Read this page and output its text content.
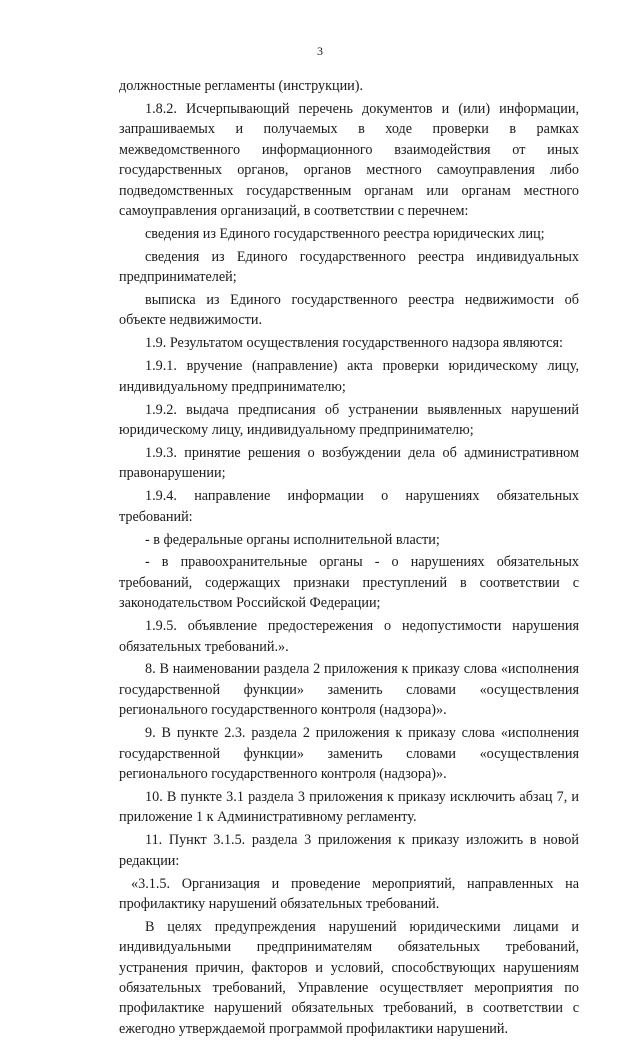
3

должностные регламенты (инструкции).

1.8.2. Исчерпывающий перечень документов и (или) информации, запрашиваемых и получаемых в ходе проверки в рамках межведомственного информационного взаимодействия от иных государственных органов, органов местного самоуправления либо подведомственных государственным органам или органам местного самоуправления организаций, в соответствии с перечнем:

сведения из Единого государственного реестра юридических лиц;

сведения из Единого государственного реестра индивидуальных предпринимателей;

выписка из Единого государственного реестра недвижимости об объекте недвижимости.

1.9. Результатом осуществления государственного надзора являются:

1.9.1. вручение (направление) акта проверки юридическому лицу, индивидуальному предпринимателю;

1.9.2. выдача предписания об устранении выявленных нарушений юридическому лицу, индивидуальному предпринимателю;

1.9.3. принятие решения о возбуждении дела об административном правонарушении;

1.9.4. направление информации о нарушениях обязательных требований:

- в федеральные органы исполнительной власти;

- в правоохранительные органы - о нарушениях обязательных требований, содержащих признаки преступлений в соответствии с законодательством Российской Федерации;

1.9.5. объявление предостережения о недопустимости нарушения обязательных требований.».

8. В наименовании раздела 2 приложения к приказу слова «исполнения государственной функции» заменить словами «осуществления регионального государственного контроля (надзора)».

9. В пункте 2.3. раздела 2 приложения к приказу слова «исполнения государственной функции» заменить словами «осуществления регионального государственного контроля (надзора)».

10. В пункте 3.1 раздела 3 приложения к приказу исключить абзац 7, и приложение 1 к Административному регламенту.

11. Пункт 3.1.5. раздела 3 приложения к приказу изложить в новой редакции:

«3.1.5. Организация и проведение мероприятий, направленных на профилактику нарушений обязательных требований.

В целях предупреждения нарушений юридическими лицами и индивидуальными предпринимателям обязательных требований, устранения причин, факторов и условий, способствующих нарушениям обязательных требований, Управление осуществляет мероприятия по профилактике нарушений обязательных требований, в соответствии с ежегодно утверждаемой программой профилактики нарушений.
